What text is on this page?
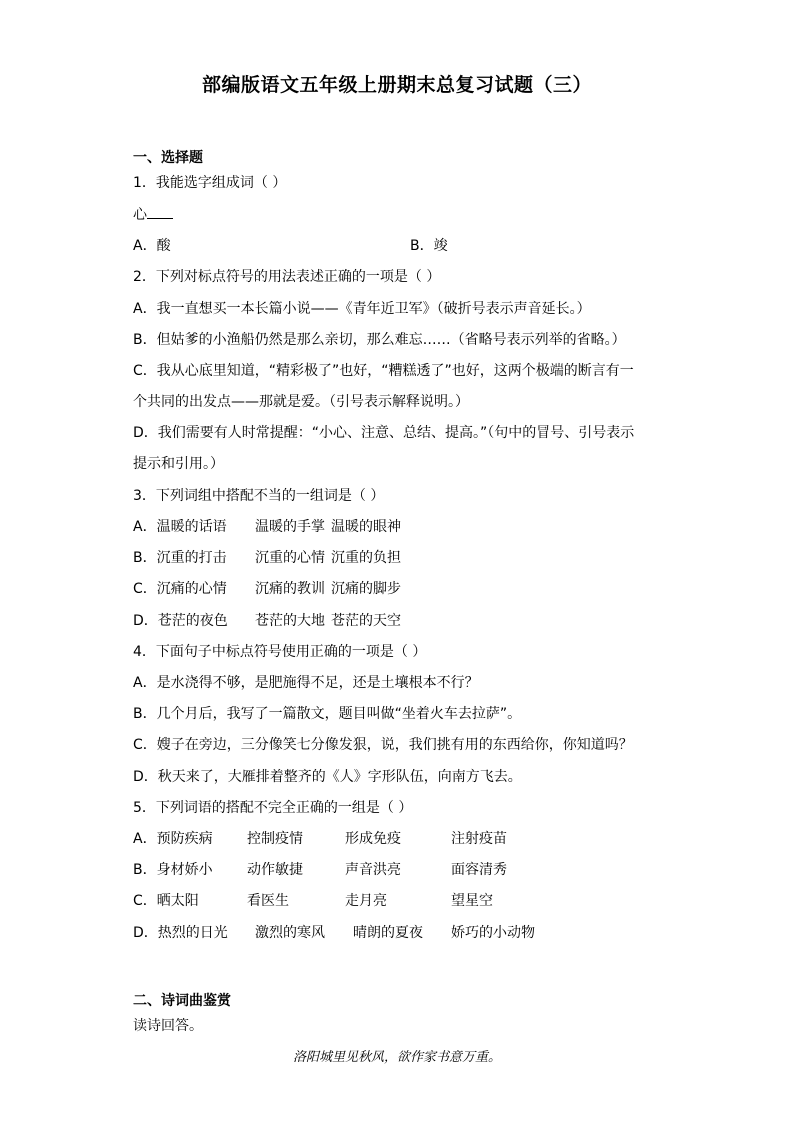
部编版语文五年级上册期末总复习试题（三）
一、选择题
1．我能选字组成词（ ）
心
A．酸	B．竣
2．下列对标点符号的用法表述正确的一项是（ ）
A．我一直想买一本长篇小说——《青年近卫军》（破折号表示声音延长。）
B．但姑爹的小渔船仍然是那么亲切，那么难忘……（省略号表示列举的省略。）
C．我从心底里知道，“精彩极了”也好，“糟糕透了”也好，这两个极端的断言有一
个共同的出发点——那就是爱。（引号表示解释说明。）
D．我们需要有人时常提醒：“小心、注意、总结、提高。”（句中的冒号、引号表示
提示和引用。）
3．下列词组中搭配不当的一组词是（ ）
A．温暖的话语 温暖的手掌 温暖的眼神
B．沉重的打击 沉重的心情 沉重的负担
C．沉痛的心情 沉痛的教训 沉痛的脚步
D．苍茫的夜色 苍茫的大地 苍茫的天空
4．下面句子中标点符号使用正确的一项是（ ）
A．是水浇得不够，是肥施得不足，还是土壤根本不行？
B．几个月后，我写了一篇散文，题目叫做“坐着火车去拉萨”。
C．嫂子在旁边，三分像笑七分像发狠，说，我们挑有用的东西给你，你知道吗？
D．秋天来了，大雁排着整齐的《人》字形队伍，向南方飞去。
5．下列词语的搭配不完全正确的一组是（ ）
A．预防疾病 控制疫情	形成免疫	注射疫苗
B．身材娇小 动作敏捷	声音洪亮	面容清秀
C．晒太阳	看医生	走月亮	望星空
D．热烈的日光 激烈的寒风 晴朗的夏夜 娇巧的小动物
二、诗词曲鉴赏
读诗回答。
洛阳城里见秋风，欲作家书意万重。
